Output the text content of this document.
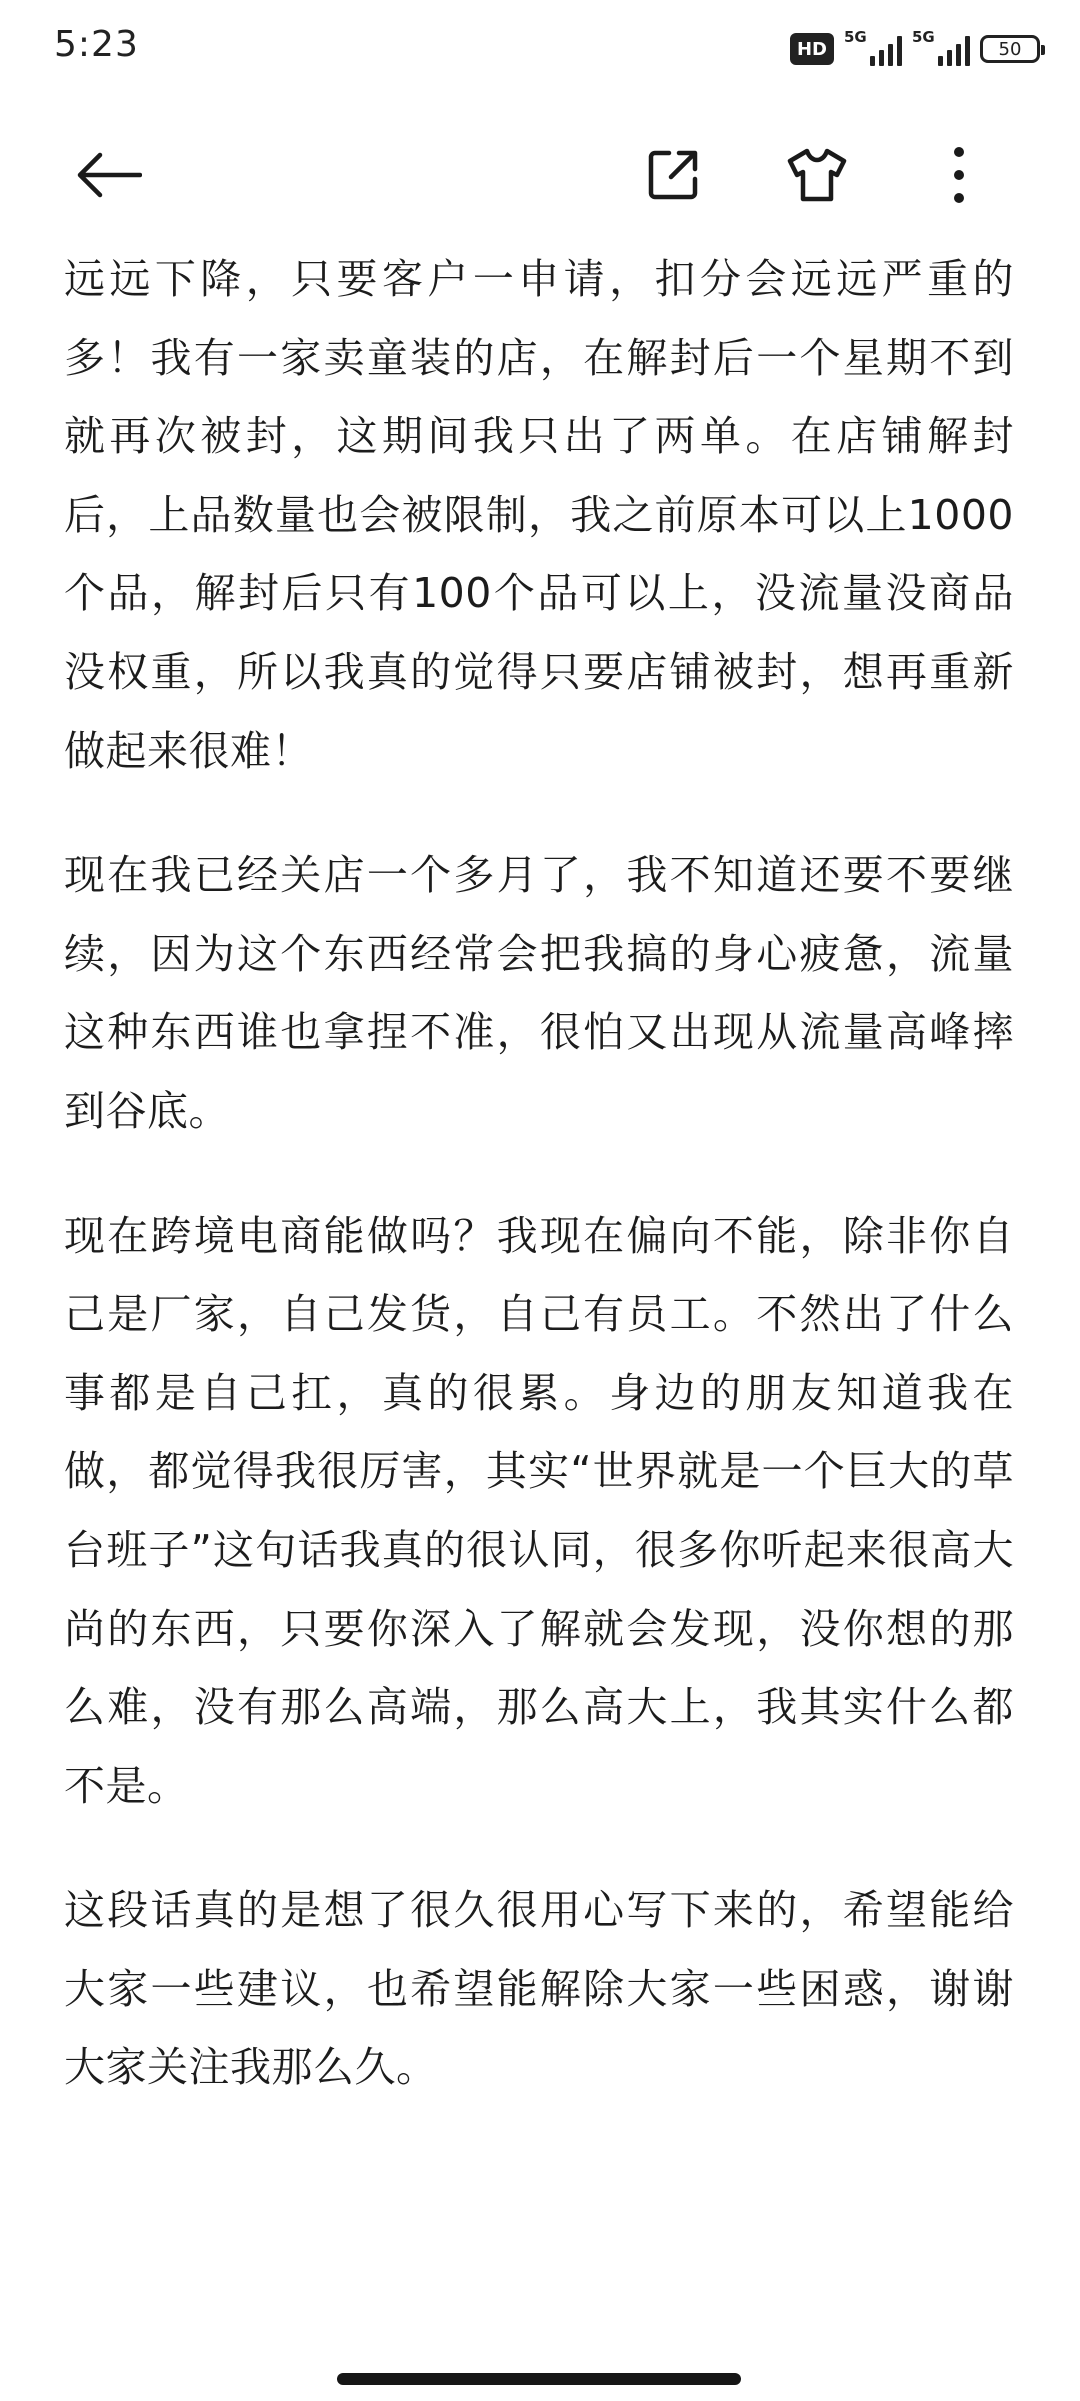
5:23	HD
5G	5G
50

远远下降，只要客户一申请，扣分会远远严重的多！我有一家卖童装的店，在解封后一个星期不到就再次被封，这期间我只出了两单。在店铺解封后，上品数量也会被限制，我之前原本可以上1000个品，解封后只有100个品可以上，没流量没商品没权重，所以我真的觉得只要店铺被封，想再重新做起来很难！

现在我已经关店一个多月了，我不知道还要不要继续，因为这个东西经常会把我搞的身心疲惫，流量这种东西谁也拿捏不准，很怕又出现从流量高峰摔到谷底。

现在跨境电商能做吗？我现在偏向不能，除非你自己是厂家，自己发货，自己有员工。不然出了什么事都是自己扛，真的很累。身边的朋友知道我在做，都觉得我很厉害，其实“世界就是一个巨大的草台班子”这句话我真的很认同，很多你听起来很高大尚的东西，只要你深入了解就会发现，没你想的那么难，没有那么高端，那么高大上，我其实什么都不是。

这段话真的是想了很久很用心写下来的，希望能给大家一些建议，也希望能解除大家一些困惑，谢谢大家关注我那么久。
